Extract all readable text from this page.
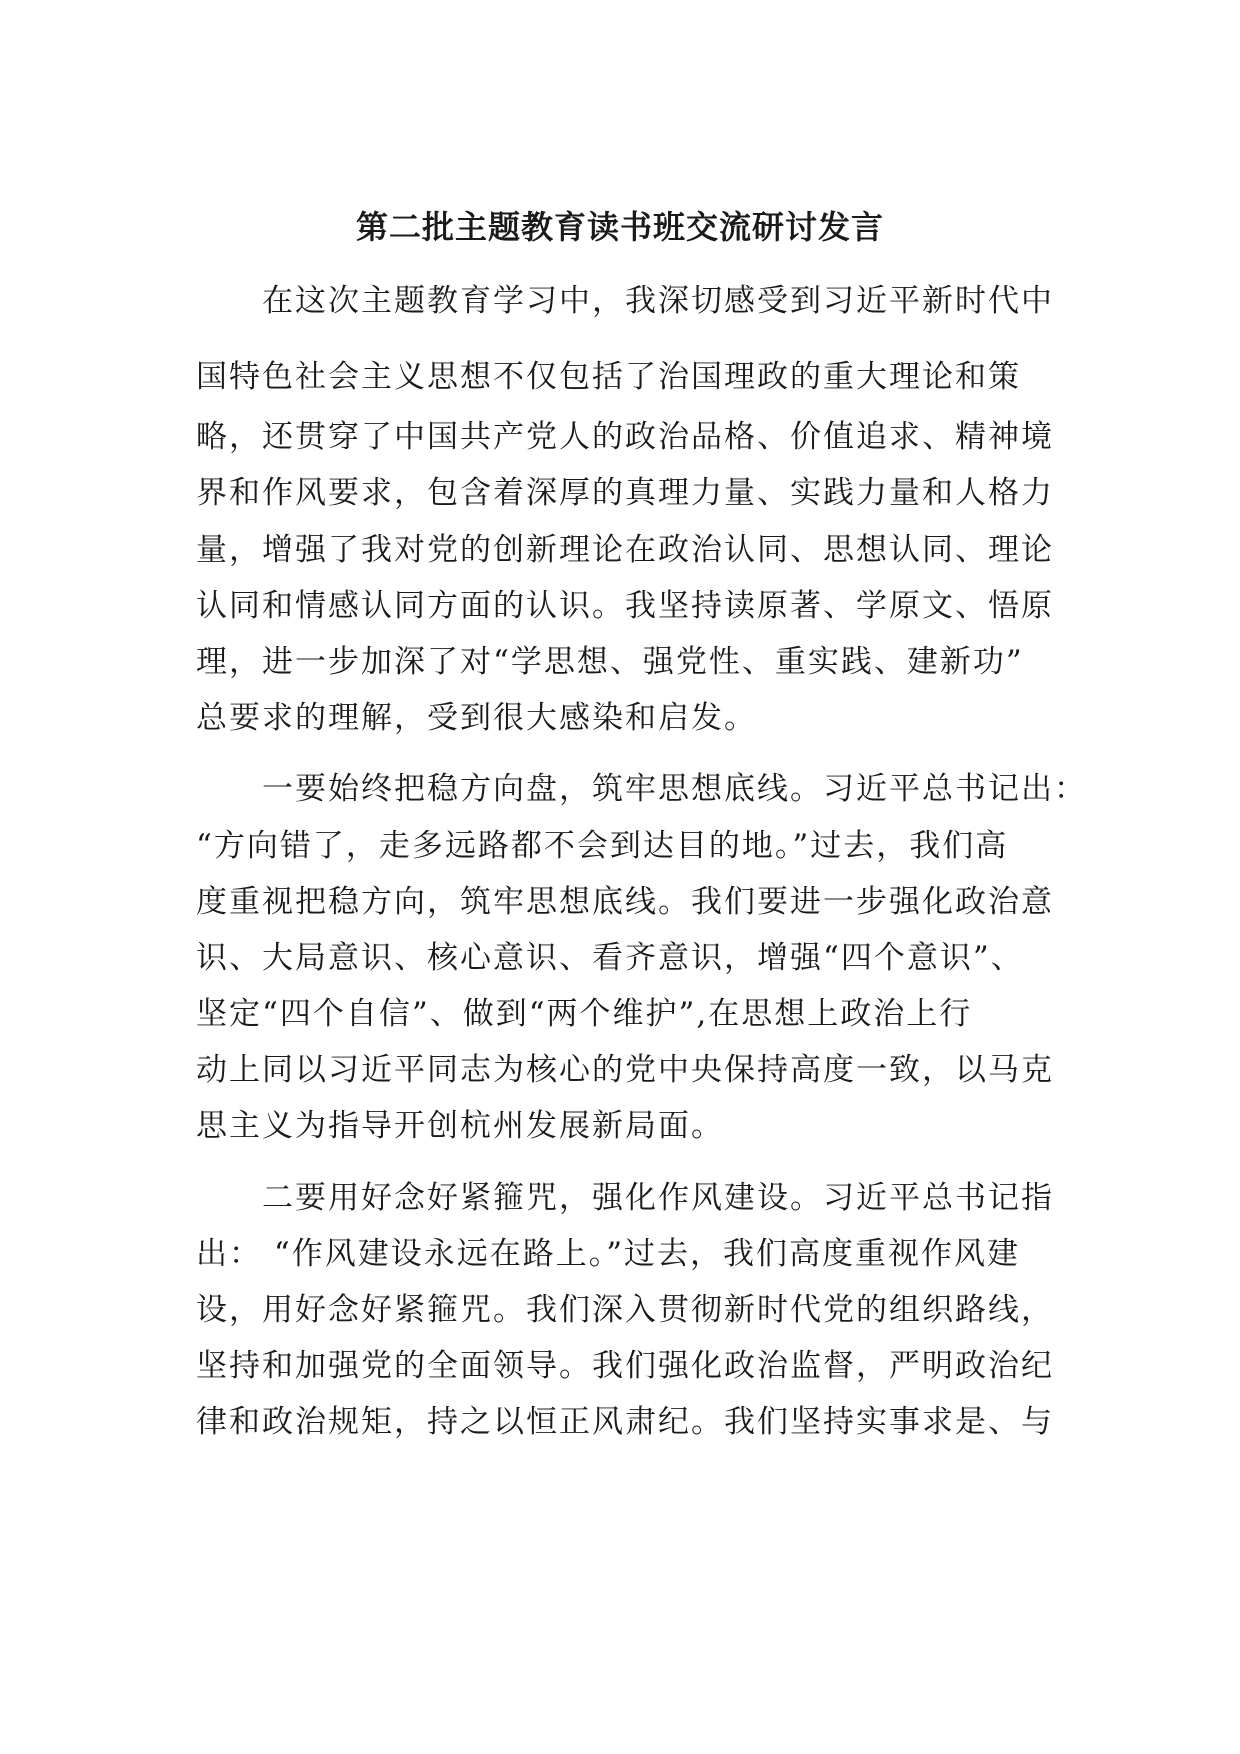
第二批主题教育读书班交流研讨发言
在这次主题教育学习中，我深切感受到习近平新时代中
国特色社会主义思想不仅包括了治国理政的重大理论和策
略，还贯穿了中国共产党人的政治品格、价值追求、精神境
界和作风要求，包含着深厚的真理力量、实践力量和人格力
量，增强了我对党的创新理论在政治认同、思想认同、理论
认同和情感认同方面的认识。我坚持读原著、学原文、悟原
理，进一步加深了对“学思想、强党性、重实践、建新功”
总要求的理解，受到很大感染和启发。
一要始终把稳方向盘，筑牢思想底线。习近平总书记出：
“方向错了，走多远路都不会到达目的地。”过去，我们高
度重视把稳方向，筑牢思想底线。我们要进一步强化政治意
识、大局意识、核心意识、看齐意识，增强“四个意识”、
坚定“四个自信”、做到“两个维护”,在思想上政治上行
动上同以习近平同志为核心的党中央保持高度一致，以马克
思主义为指导开创杭州发展新局面。
二要用好念好紧箍咒，强化作风建设。习近平总书记指
出： “作风建设永远在路上。”过去，我们高度重视作风建
设，用好念好紧箍咒。我们深入贯彻新时代党的组织路线，
坚持和加强党的全面领导。我们强化政治监督，严明政治纪
律和政治规矩，持之以恒正风肃纪。我们坚持实事求是、与
